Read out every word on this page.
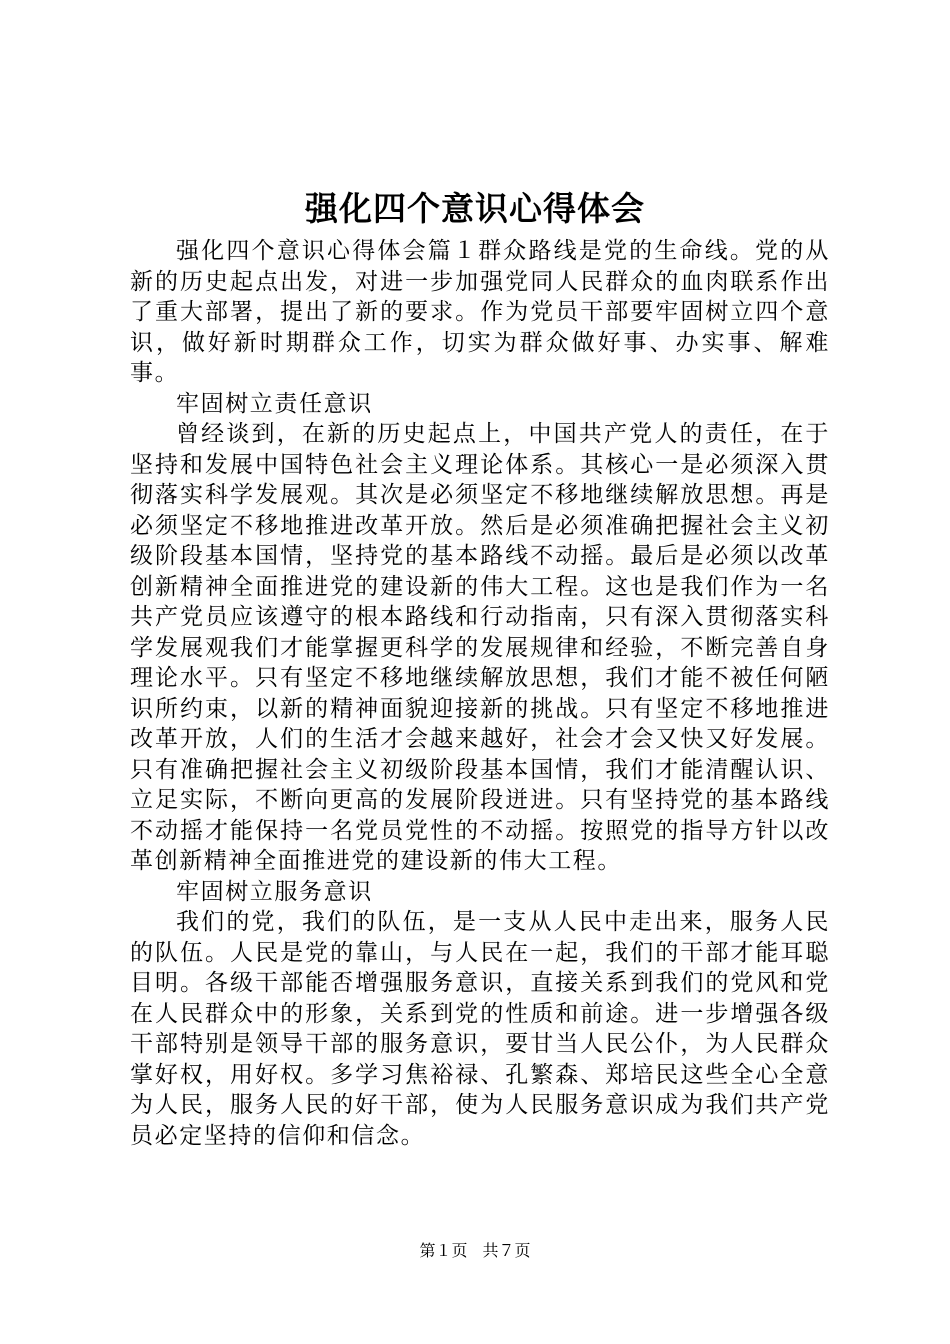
强化四个意识心得体会

强化四个意识心得体会篇１群众路线是党的生命线。党的从新的历史起点出发，对进一步加强党同人民群众的血肉联系作出了重大部署，提出了新的要求。作为党员干部要牢固树立四个意识，做好新时期群众工作，切实为群众做好事、办实事、解难事。

牢固树立责任意识

曾经谈到，在新的历史起点上，中国共产党人的责任，在于坚持和发展中国特色社会主义理论体系。其核心一是必须深入贯彻落实科学发展观。其次是必须坚定不移地继续解放思想。再是必须坚定不移地推进改革开放。然后是必须准确把握社会主义初级阶段基本国情，坚持党的基本路线不动摇。最后是必须以改革创新精神全面推进党的建设新的伟大工程。这也是我们作为一名共产党员应该遵守的根本路线和行动指南，只有深入贯彻落实科学发展观我们才能掌握更科学的发展规律和经验，不断完善自身理论水平。只有坚定不移地继续解放思想，我们才能不被任何陋识所约束，以新的精神面貌迎接新的挑战。只有坚定不移地推进改革开放，人们的生活才会越来越好，社会才会又快又好发展。只有准确把握社会主义初级阶段基本国情，我们才能清醒认识、立足实际，不断向更高的发展阶段迸进。只有坚持党的基本路线不动摇才能保持一名党员党性的不动摇。按照党的指导方针以改革创新精神全面推进党的建设新的伟大工程。

牢固树立服务意识

我们的党，我们的队伍，是一支从人民中走出来，服务人民的队伍。人民是党的靠山，与人民在一起，我们的干部才能耳聪目明。各级干部能否增强服务意识，直接关系到我们的党风和党在人民群众中的形象，关系到党的性质和前途。进一步增强各级干部特别是领导干部的服务意识，要甘当人民公仆，为人民群众掌好权，用好权。多学习焦裕禄、孔繁森、郑培民这些全心全意为人民，服务人民的好干部，使为人民服务意识成为我们共产党员必定坚持的信仰和信念。

第１页 共７页
